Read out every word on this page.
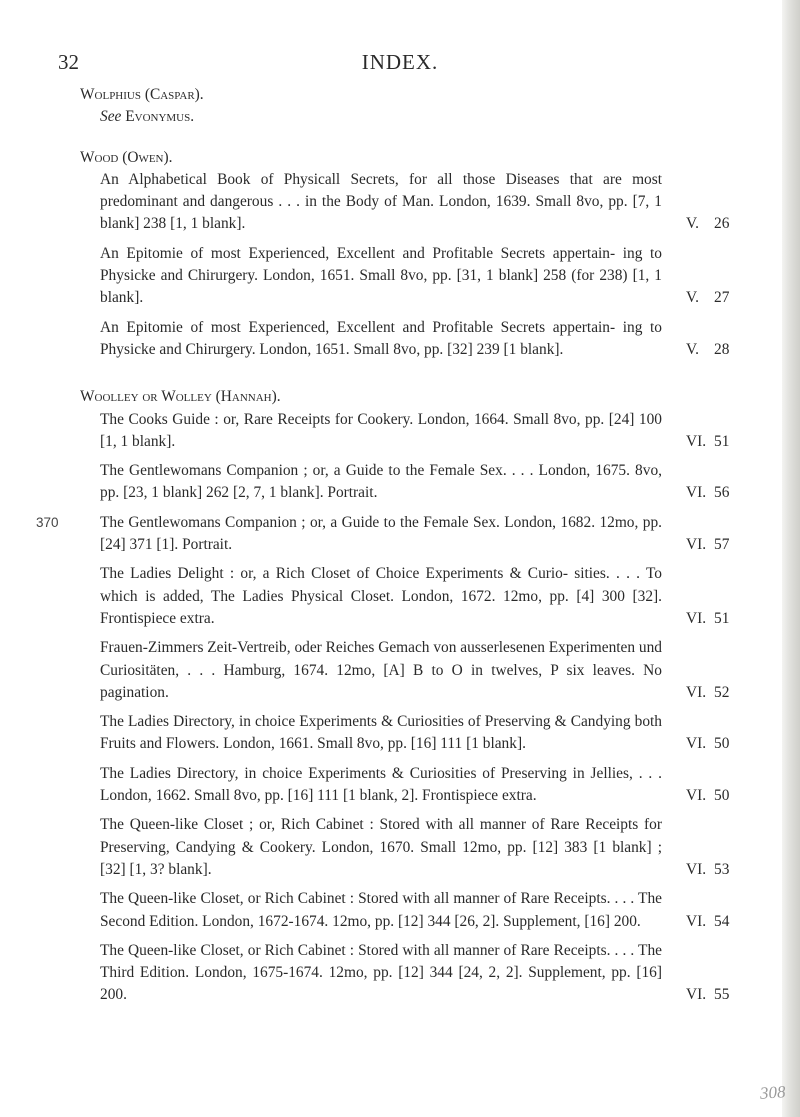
32	INDEX.
Wolphius (Caspar).
See Evonymus.
Wood (Owen).
An Alphabetical Book of Physicall Secrets, for all those Diseases that are most predominant and dangerous . . . in the Body of Man. London, 1639. Small 8vo, pp. [7, 1 blank] 238 [1, 1 blank].	V. 26
An Epitomie of most Experienced, Excellent and Profitable Secrets appertain- ing to Physicke and Chirurgery. London, 1651. Small 8vo, pp. [31, 1 blank] 258 (for 238) [1, 1 blank].	V. 27
An Epitomie of most Experienced, Excellent and Profitable Secrets appertain- ing to Physicke and Chirurgery. London, 1651. Small 8vo, pp. [32] 239 [1 blank].	V. 28
Woolley or Wolley (Hannah).
The Cooks Guide : or, Rare Receipts for Cookery. London, 1664. Small 8vo, pp. [24] 100 [1, 1 blank].	VI. 51
The Gentlewomans Companion ; or, a Guide to the Female Sex. . . . London, 1675. 8vo, pp. [23, 1 blank] 262 [2, 7, 1 blank]. Portrait.	VI. 56
The Gentlewomans Companion ; or, a Guide to the Female Sex. London, 1682. 12mo, pp. [24] 371 [1]. Portrait.	VI. 57
370
The Ladies Delight : or, a Rich Closet of Choice Experiments & Curio- sities. . . . To which is added, The Ladies Physical Closet. London, 1672. 12mo, pp. [4] 300 [32]. Frontispiece extra.	VI. 51
Frauen-Zimmers Zeit-Vertreib, oder Reiches Gemach von ausserlesenen Experimenten und Curiositäten, . . . Hamburg, 1674. 12mo, [A] B to O in twelves, P six leaves. No pagination.	VI. 52
The Ladies Directory, in choice Experiments & Curiosities of Preserving & Candying both Fruits and Flowers. London, 1661. Small 8vo, pp. [16] 111 [1 blank].	VI. 50
The Ladies Directory, in choice Experiments & Curiosities of Preserving in Jellies, . . . London, 1662. Small 8vo, pp. [16] 111 [1 blank, 2]. Frontispiece extra.	VI. 50
The Queen-like Closet ; or, Rich Cabinet : Stored with all manner of Rare Receipts for Preserving, Candying & Cookery. London, 1670. Small 12mo, pp. [12] 383 [1 blank] ; [32] [1, 3? blank].	VI. 53
The Queen-like Closet, or Rich Cabinet : Stored with all manner of Rare Receipts. . . . The Second Edition. London, 1672-1674. 12mo, pp. [12] 344 [26, 2]. Supplement, [16] 200.	VI. 54
The Queen-like Closet, or Rich Cabinet : Stored with all manner of Rare Receipts. . . . The Third Edition. London, 1675-1674. 12mo, pp. [12] 344 [24, 2, 2]. Supplement, pp. [16] 200.	VI. 55
308
